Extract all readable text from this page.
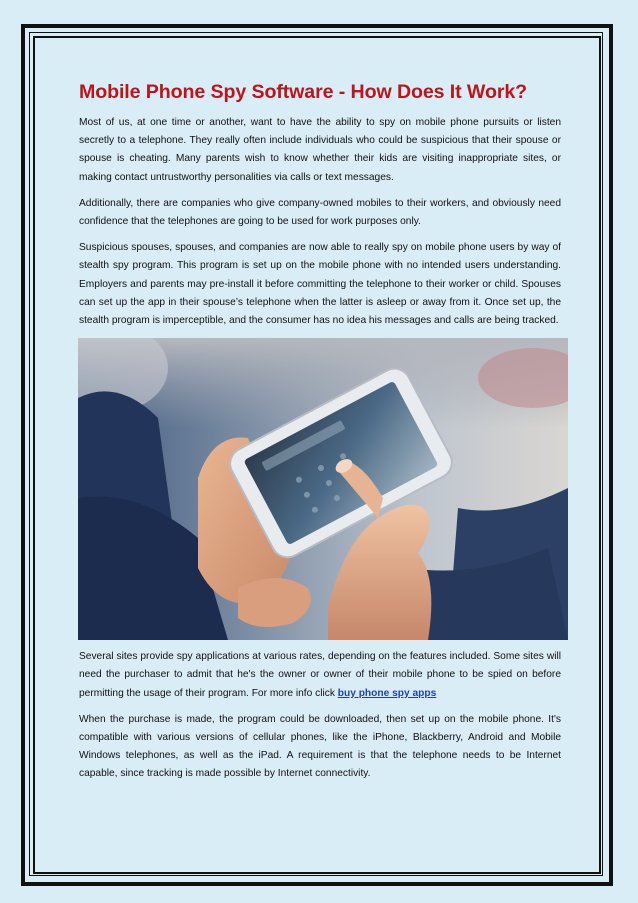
Mobile Phone Spy Software - How Does It Work?

Most of us, at one time or another, want to have the ability to spy on mobile phone pursuits or listen secretly to a telephone. They really often include individuals who could be suspicious that their spouse or spouse is cheating. Many parents wish to know whether their kids are visiting inappropriate sites, or making contact untrustworthy personalities via calls or text messages.

Additionally, there are companies who give company-owned mobiles to their workers, and obviously need confidence that the telephones are going to be used for work purposes only.

Suspicious spouses, spouses, and companies are now able to really spy on mobile phone users by way of stealth spy program. This program is set up on the mobile phone with no intended users understanding. Employers and parents may pre-install it before committing the telephone to their worker or child. Spouses can set up the app in their spouse’s telephone when the latter is asleep or away from it. Once set up, the stealth program is imperceptible, and the consumer has no idea his messages and calls are being tracked.

Several sites provide spy applications at various rates, depending on the features included. Some sites will need the purchaser to admit that he's the owner or owner of their mobile phone to be spied on before permitting the usage of their program. For more info click buy phone spy apps

When the purchase is made, the program could be downloaded, then set up on the mobile phone. It's compatible with various versions of cellular phones, like the iPhone, Blackberry, Android and Mobile Windows telephones, as well as the iPad. A requirement is that the telephone needs to be Internet capable, since tracking is made possible by Internet connectivity.
